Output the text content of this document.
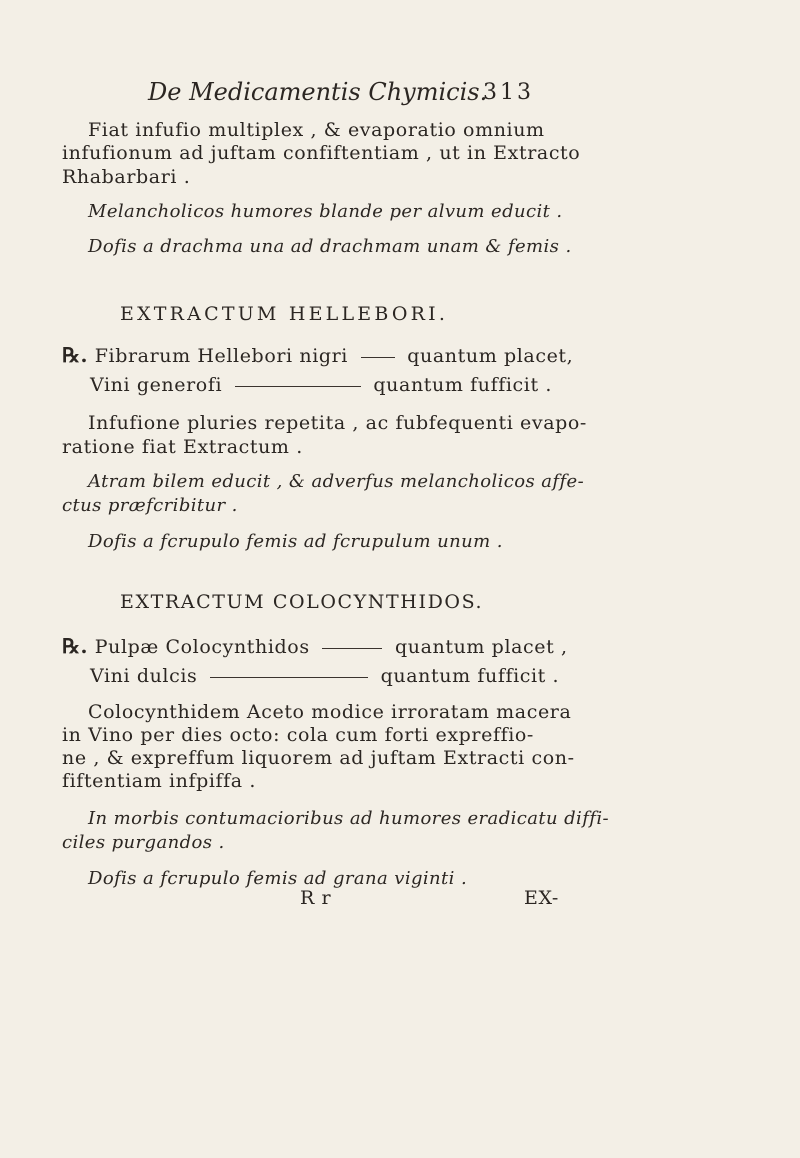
De Medicamentis Chymicis.
313
Fiat infufio multiplex , & evaporatio omnium
infufionum ad juftam confiftentiam , ut in Extracto
Rhabarbari .
Melancholicos humores blande per alvum educit .
Dofis a drachma una ad drachmam unam & femis .
EXTRACTUM HELLEBORI.
℞. Fibrarum Hellebori nigri	quantum placet,
Vini generofi	quantum fufficit .
Infufione pluries repetita , ac fubfequenti evapo-
ratione fiat Extractum .
Atram bilem educit , & adverfus melancholicos affe-
ctus præfcribitur .
Dofis a fcrupulo femis ad fcrupulum unum .
EXTRACTUM COLOCYNTHIDOS.
℞. Pulpæ Colocynthidos	quantum placet ,
Vini dulcis	quantum fufficit .
Colocynthidem Aceto modice irroratam macera
in Vino per dies octo: cola cum forti expreffio-
ne , & expreffum liquorem ad juftam Extracti con-
fiftentiam infpiffa .
In morbis contumacioribus ad humores eradicatu diffi-
ciles purgandos .
Dofis a fcrupulo femis ad grana viginti .
R r	EX-
